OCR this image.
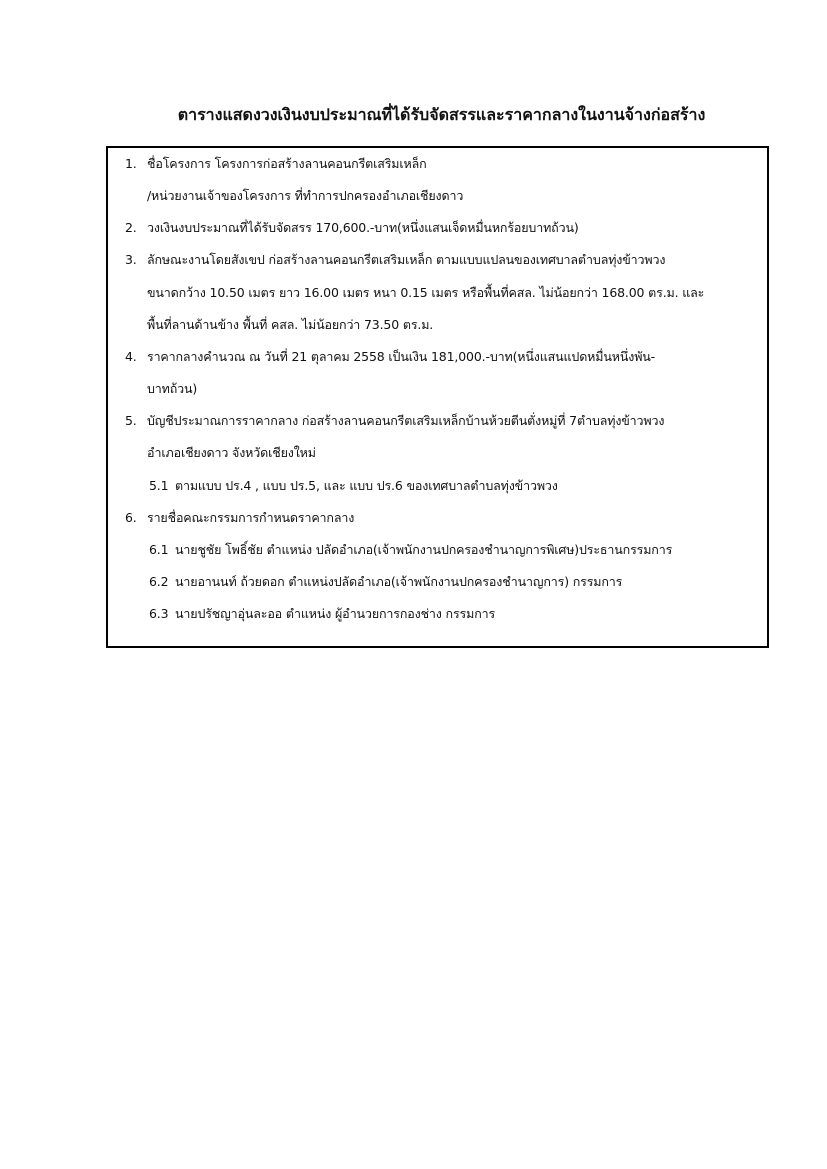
ตารางแสดงวงเงินงบประมาณที่ได้รับจัดสรรและราคากลางในงานจ้างก่อสร้าง
1. ชื่อโครงการ โครงการก่อสร้างลานคอนกรีตเสริมเหล็ก
/หน่วยงานเจ้าของโครงการ ที่ทำการปกครองอำเภอเชียงดาว
2. วงเงินงบประมาณที่ได้รับจัดสรร 170,600.-บาท(หนึ่งแสนเจ็ดหมื่นหกร้อยบาทถ้วน)
3. ลักษณะงานโดยสังเขป ก่อสร้างลานคอนกรีตเสริมเหล็ก ตามแบบแปลนของเทศบาลตำบลทุ่งข้าวพวง
ขนาดกว้าง 10.50 เมตร ยาว 16.00 เมตร หนา 0.15 เมตร หรือพื้นที่คสล. ไม่น้อยกว่า 168.00 ตร.ม. และ
พื้นที่ลานด้านข้าง พื้นที่ คสล. ไม่น้อยกว่า 73.50 ตร.ม.
4. ราคากลางคำนวณ ณ วันที่ 21 ตุลาคม 2558 เป็นเงิน 181,000.-บาท(หนึ่งแสนแปดหมื่นหนึ่งพัน-
บาทถ้วน)
5. บัญชีประมาณการราคากลาง ก่อสร้างลานคอนกรีตเสริมเหล็กบ้านห้วยตีนตั่งหมู่ที่ 7ตำบลทุ่งข้าวพวง
อำเภอเชียงดาว จังหวัดเชียงใหม่
5.1 ตามแบบ ปร.4 , แบบ ปร.5, และ แบบ ปร.6 ของเทศบาลตำบลทุ่งข้าวพวง
6. รายชื่อคณะกรรมการกำหนดราคากลาง
6.1 นายชูชัย โพธิ์ชัย ตำแหน่ง ปลัดอำเภอ(เจ้าพนักงานปกครองชำนาญการพิเศษ)ประธานกรรมการ
6.2 นายอานนท์ ถ้วยดอก ตำแหน่งปลัดอำเภอ(เจ้าพนักงานปกครองชำนาญการ) กรรมการ
6.3 นายปรัชญาอุ่นละออ ตำแหน่ง ผู้อำนวยการกองช่าง กรรมการ
